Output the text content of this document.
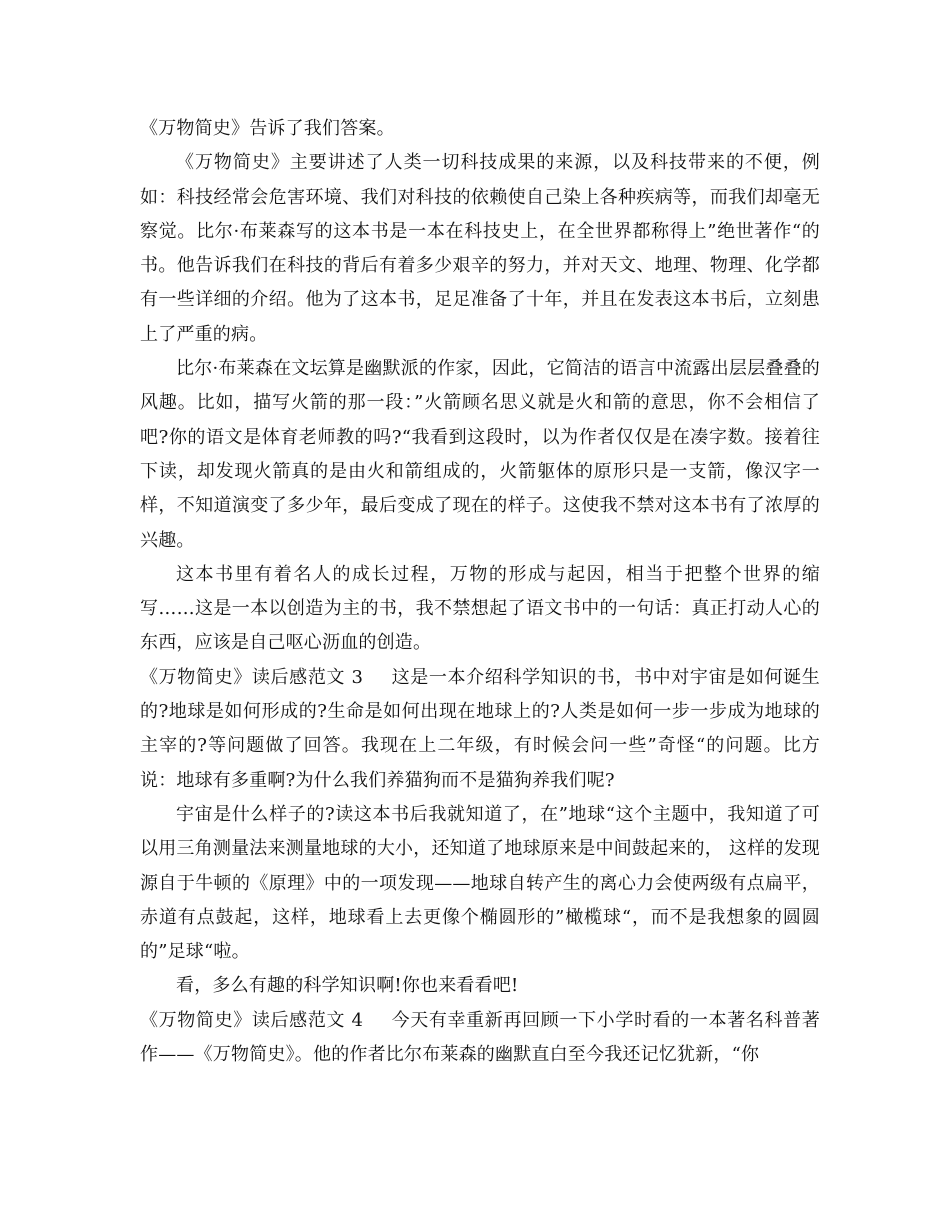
《万物简史》告诉了我们答案。

《万物简史》主要讲述了人类一切科技成果的来源，以及科技带来的不便，例如：科技经常会危害环境、我们对科技的依赖使自己染上各种疾病等，而我们却毫无察觉。比尔·布莱森写的这本书是一本在科技史上，在全世界都称得上”绝世著作“的书。他告诉我们在科技的背后有着多少艰辛的努力，并对天文、地理、物理、化学都有一些详细的介绍。他为了这本书，足足准备了十年，并且在发表这本书后，立刻患上了严重的病。

比尔·布莱森在文坛算是幽默派的作家，因此，它简洁的语言中流露出层层叠叠的风趣。比如，描写火箭的那一段：”火箭顾名思义就是火和箭的意思，你不会相信了吧?你的语文是体育老师教的吗?“我看到这段时，以为作者仅仅是在凑字数。接着往下读，却发现火箭真的是由火和箭组成的，火箭躯体的原形只是一支箭，像汉字一样，不知道演变了多少年，最后变成了现在的样子。这使我不禁对这本书有了浓厚的兴趣。

这本书里有着名人的成长过程，万物的形成与起因，相当于把整个世界的缩写……这是一本以创造为主的书，我不禁想起了语文书中的一句话：真正打动人心的东西，应该是自己呕心沥血的创造。

《万物简史》读后感范文 3 这是一本介绍科学知识的书，书中对宇宙是如何诞生的?地球是如何形成的?生命是如何出现在地球上的?人类是如何一步一步成为地球的主宰的?等问题做了回答。我现在上二年级，有时候会问一些”奇怪“的问题。比方说：地球有多重啊?为什么我们养猫狗而不是猫狗养我们呢?

宇宙是什么样子的?读这本书后我就知道了，在”地球“这个主题中，我知道了可以用三角测量法来测量地球的大小，还知道了地球原来是中间鼓起来的， 这样的发现源自于牛顿的《原理》中的一项发现——地球自转产生的离心力会使两级有点扁平，赤道有点鼓起，这样，地球看上去更像个椭圆形的”橄榄球“，而不是我想象的圆圆的”足球“啦。

看，多么有趣的科学知识啊!你也来看看吧!

《万物简史》读后感范文 4 今天有幸重新再回顾一下小学时看的一本著名科普著作——《万物简史》。他的作者比尔布莱森的幽默直白至今我还记忆犹新，“你
